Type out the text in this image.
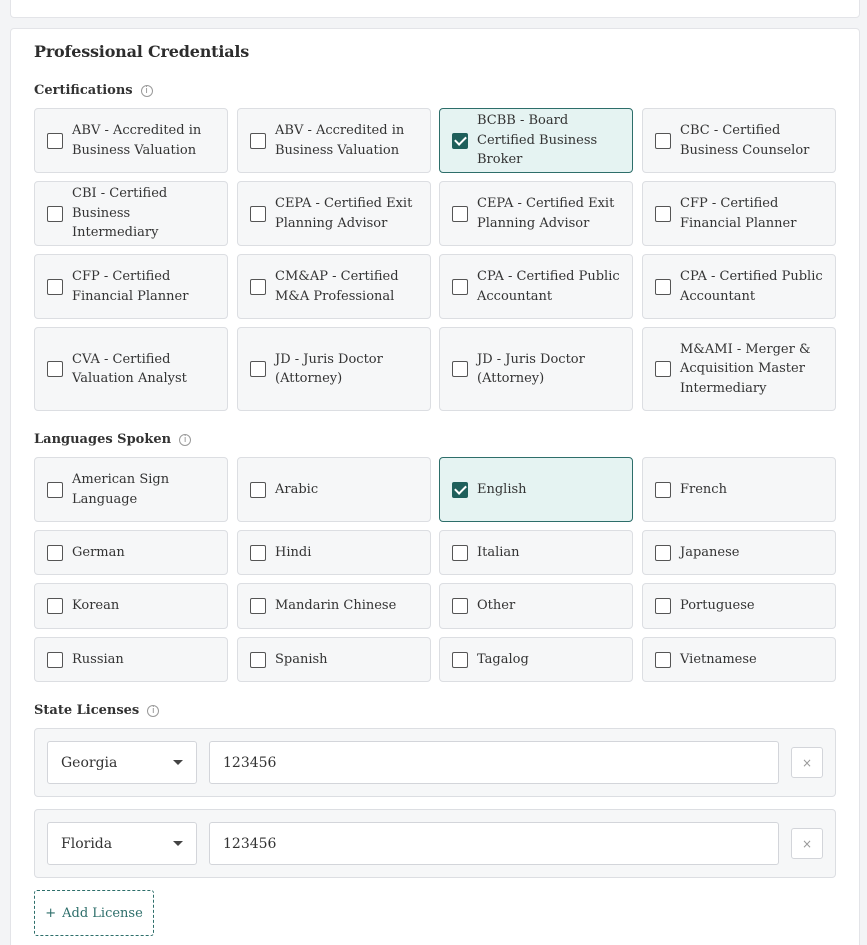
Professional Credentials
Certifications	i
ABV - Accredited in Business Valuation
ABV - Accredited in Business Valuation
BCBB - Board Certified Business Broker
CBC - Certified Business Counselor
CBI - Certified Business Intermediary
CEPA - Certified Exit Planning Advisor
CEPA - Certified Exit Planning Advisor
CFP - Certified Financial Planner
CFP - Certified Financial Planner
CM&AP - Certified M&A Professional
CPA - Certified Public Accountant
CPA - Certified Public Accountant
CVA - Certified Valuation Analyst
JD - Juris Doctor (Attorney)
JD - Juris Doctor (Attorney)
M&AMI - Merger & Acquisition Master Intermediary
Languages Spoken	i
American Sign Language
Arabic	English	French
German	Hindi	Italian	Japanese
Korean	Mandarin Chinese	Other	Portuguese
Russian	Spanish	Tagalog	Vietnamese
State Licenses	i
Georgia	123456	×
Florida	123456	×
+ Add License
